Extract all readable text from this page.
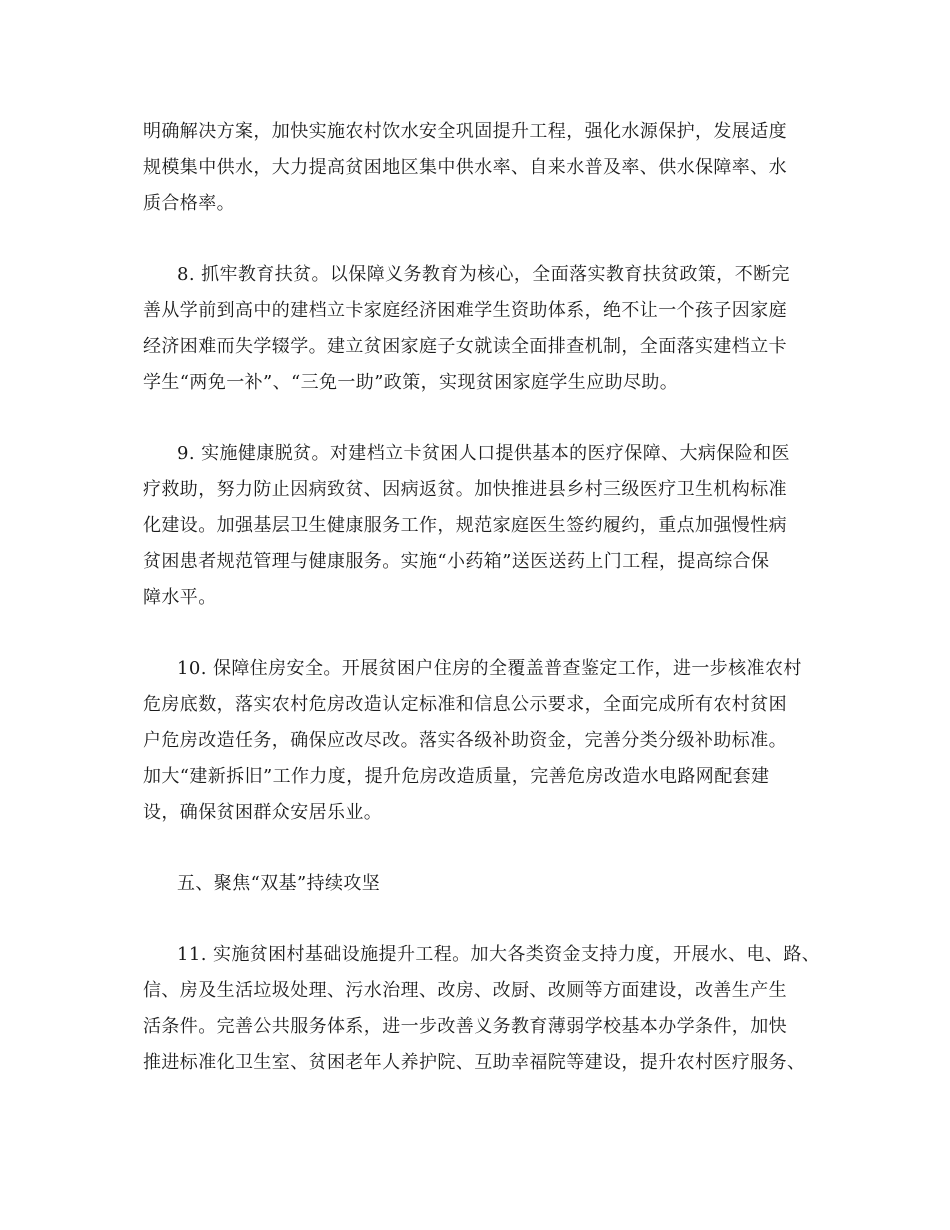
明确解决方案，加快实施农村饮水安全巩固提升工程，强化水源保护，发展适度
规模集中供水，大力提高贫困地区集中供水率、自来水普及率、供水保障率、水
质合格率。
8. 抓牢教育扶贫。以保障义务教育为核心，全面落实教育扶贫政策，不断完
善从学前到高中的建档立卡家庭经济困难学生资助体系，绝不让一个孩子因家庭
经济困难而失学辍学。建立贫困家庭子女就读全面排查机制，全面落实建档立卡
学生“两免一补”、“三免一助”政策，实现贫困家庭学生应助尽助。
9. 实施健康脱贫。对建档立卡贫困人口提供基本的医疗保障、大病保险和医
疗救助，努力防止因病致贫、因病返贫。加快推进县乡村三级医疗卫生机构标准
化建设。加强基层卫生健康服务工作，规范家庭医生签约履约，重点加强慢性病
贫困患者规范管理与健康服务。实施“小药箱”送医送药上门工程，提高综合保
障水平。
10. 保障住房安全。开展贫困户住房的全覆盖普查鉴定工作，进一步核准农村
危房底数，落实农村危房改造认定标准和信息公示要求，全面完成所有农村贫困
户危房改造任务，确保应改尽改。落实各级补助资金，完善分类分级补助标准。
加大“建新拆旧”工作力度，提升危房改造质量，完善危房改造水电路网配套建
设，确保贫困群众安居乐业。
五、聚焦“双基”持续攻坚
11. 实施贫困村基础设施提升工程。加大各类资金支持力度，开展水、电、路、
信、房及生活垃圾处理、污水治理、改房、改厨、改厕等方面建设，改善生产生
活条件。完善公共服务体系，进一步改善义务教育薄弱学校基本办学条件，加快
推进标准化卫生室、贫困老年人养护院、互助幸福院等建设，提升农村医疗服务、
